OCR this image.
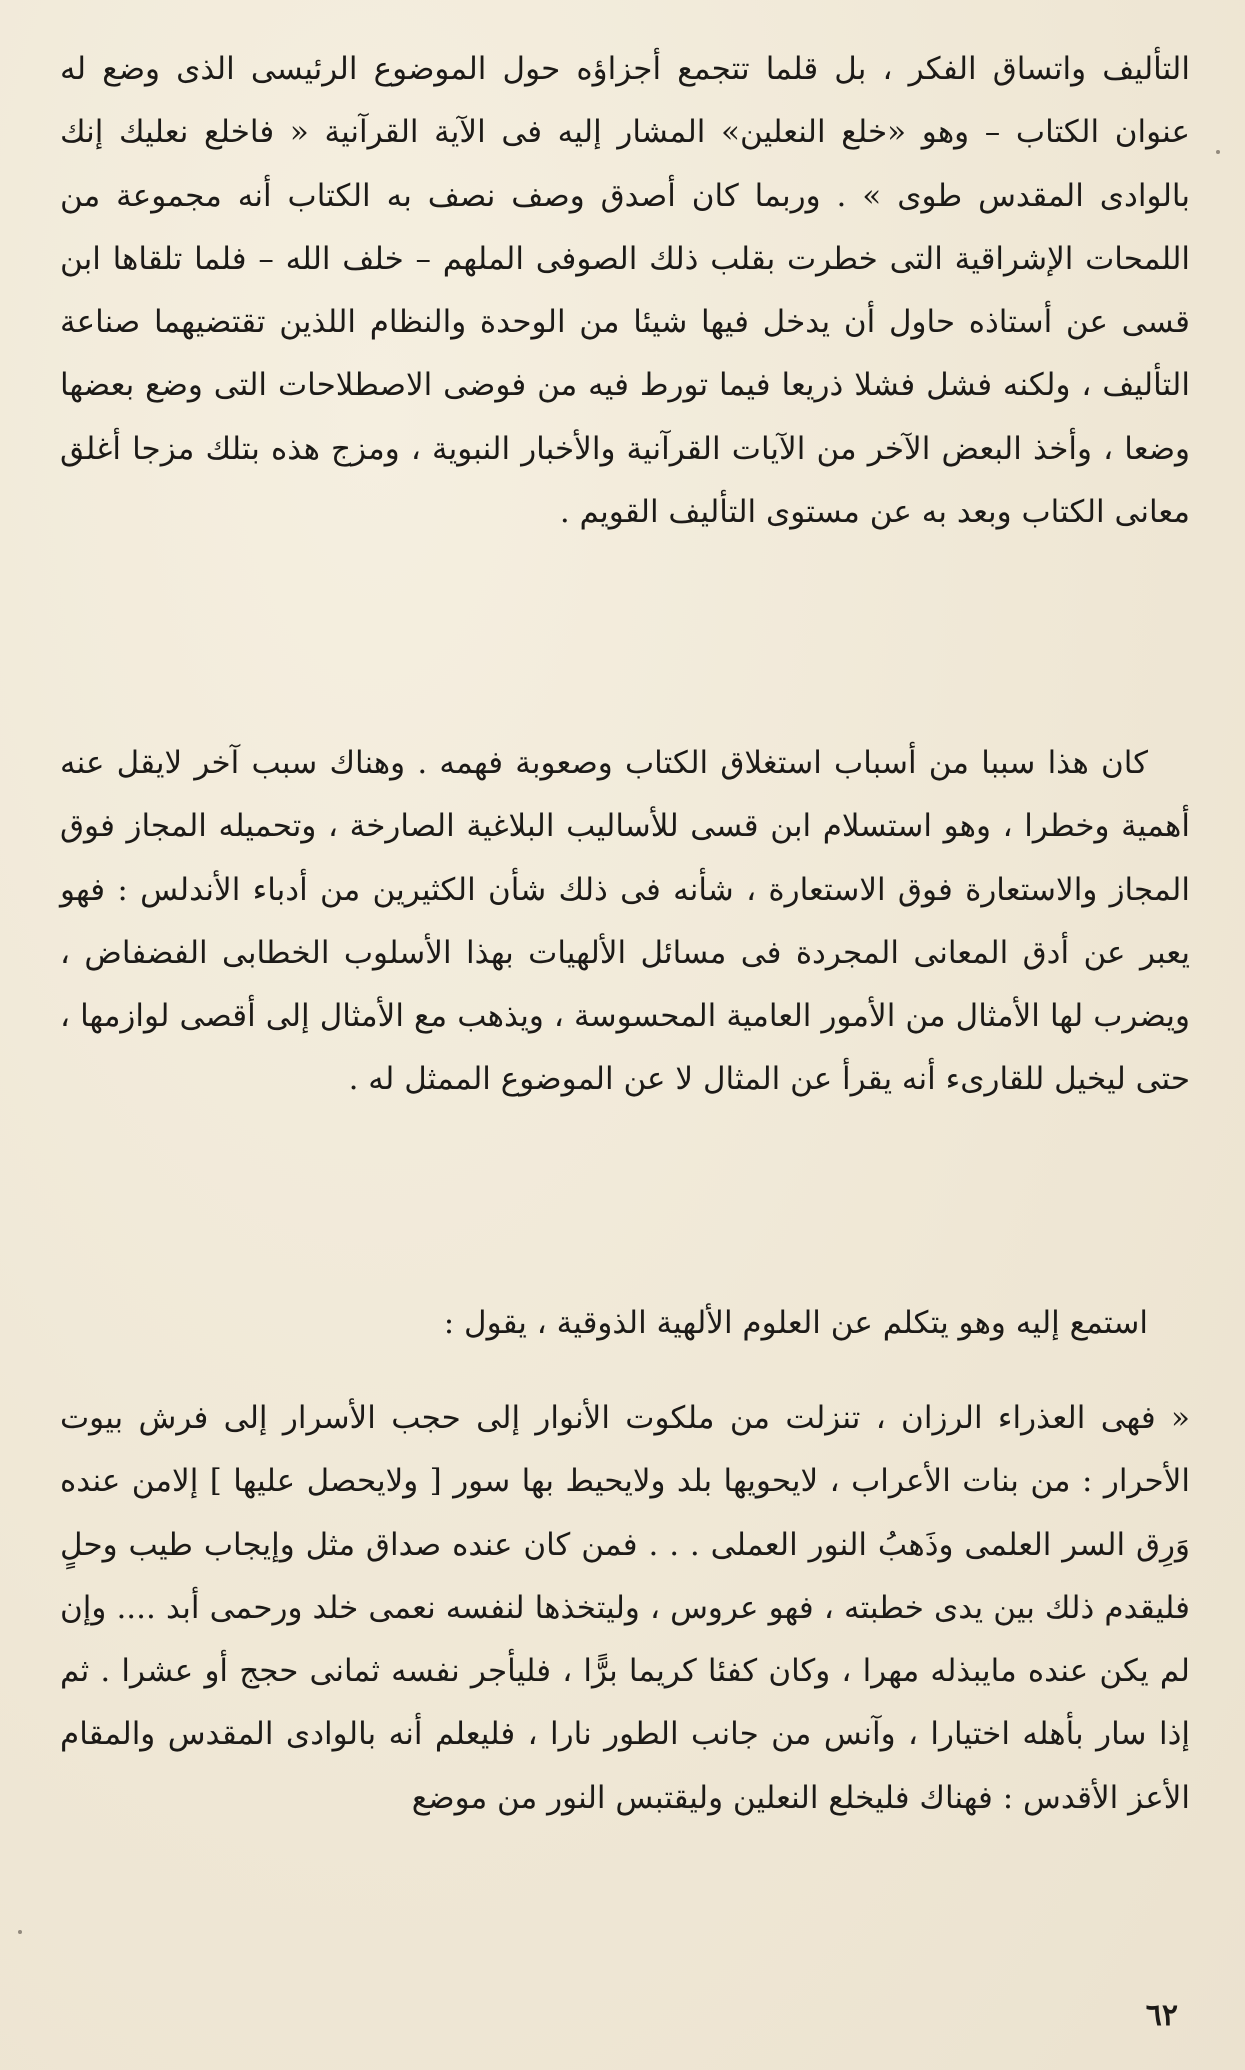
التأليف واتساق الفكر ، بل قلما تتجمع أجزاؤه حول الموضوع الرئيسى الذى وضع له عنوان الكتاب – وهو «خلع النعلين» المشار إليه فى الآية القرآنية « فاخلع نعليك إنك بالوادى المقدس طوى » . وربما كان أصدق وصف نصف به الكتاب أنه مجموعة من اللمحات الإشراقية التى خطرت بقلب ذلك الصوفى الملهم – خلف الله – فلما تلقاها ابن قسى عن أستاذه حاول أن يدخل فيها شيئا من الوحدة والنظام اللذين تقتضيهما صناعة التأليف ، ولكنه فشل فشلا ذريعا فيما تورط فيه من فوضى الاصطلاحات التى وضع بعضها وضعا ، وأخذ البعض الآخر من الآيات القرآنية والأخبار النبوية ، ومزج هذه بتلك مزجا أغلق معانى الكتاب وبعد به عن مستوى التأليف القويم .

كان هذا سببا من أسباب استغلاق الكتاب وصعوبة فهمه . وهناك سبب آخر لايقل عنه أهمية وخطرا ، وهو استسلام ابن قسى للأساليب البلاغية الصارخة ، وتحميله المجاز فوق المجاز والاستعارة فوق الاستعارة ، شأنه فى ذلك شأن الكثيرين من أدباء الأندلس : فهو يعبر عن أدق المعانى المجردة فى مسائل الألهيات بهذا الأسلوب الخطابى الفضفاض ، ويضرب لها الأمثال من الأمور العامية المحسوسة ، ويذهب مع الأمثال إلى أقصى لوازمها ، حتى ليخيل للقارىء أنه يقرأ عن المثال لا عن الموضوع الممثل له .

استمع إليه وهو يتكلم عن العلوم الألهية الذوقية ، يقول :

« فهى العذراء الرزان ، تنزلت من ملكوت الأنوار إلى حجب الأسرار إلى فرش بيوت الأحرار : من بنات الأعراب ، لايحويها بلد ولايحيط بها سور [ ولايحصل عليها ] إلامن عنده وَرِق السر العلمى وذَهبُ النور العملى . . . فمن كان عنده صداق مثل وإيجاب طيب وحلٍ فليقدم ذلك بين يدى خطبته ، فهو عروس ، وليتخذها لنفسه نعمى خلد ورحمى أبد .... وإن لم يكن عنده مايبذله مهرا ، وكان كفئا كريما برًّا ، فليأجر نفسه ثمانى حجج أو عشرا . ثم إذا سار بأهله اختيارا ، وآنس من جانب الطور نارا ، فليعلم أنه بالوادى المقدس والمقام الأعز الأقدس : فهناك فليخلع النعلين وليقتبس النور من موضع

٦٢
